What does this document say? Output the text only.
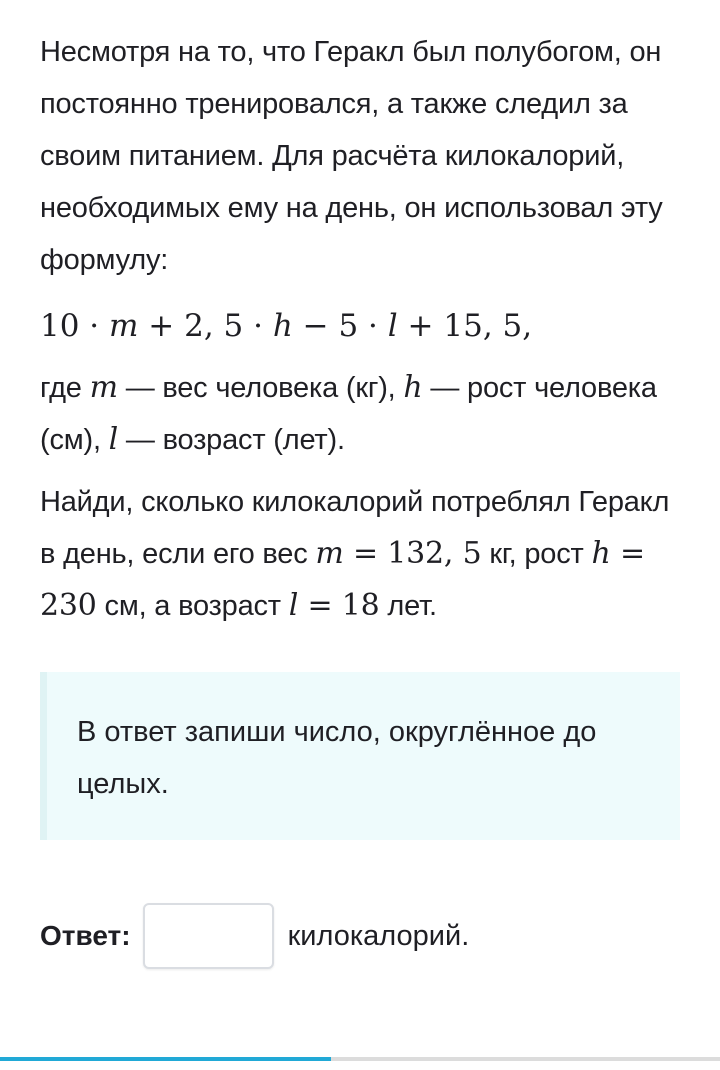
Несмотря на то, что Геракл был полубогом, он постоянно тренировался, а также следил за своим питанием. Для расчёта килокалорий, необходимых ему на день, он использовал эту формулу:

10 · m + 2, 5 · h − 5 · l + 15, 5,

где m — вес человека (кг), h — рост человека (см), l — возраст (лет).

Найди, сколько килокалорий потреблял Геракл в день, если его вес m = 132, 5 кг, рост h = 230 см, а возраст l = 18 лет.

В ответ запиши число, округлённое до целых.

Ответ:	килокалорий.
